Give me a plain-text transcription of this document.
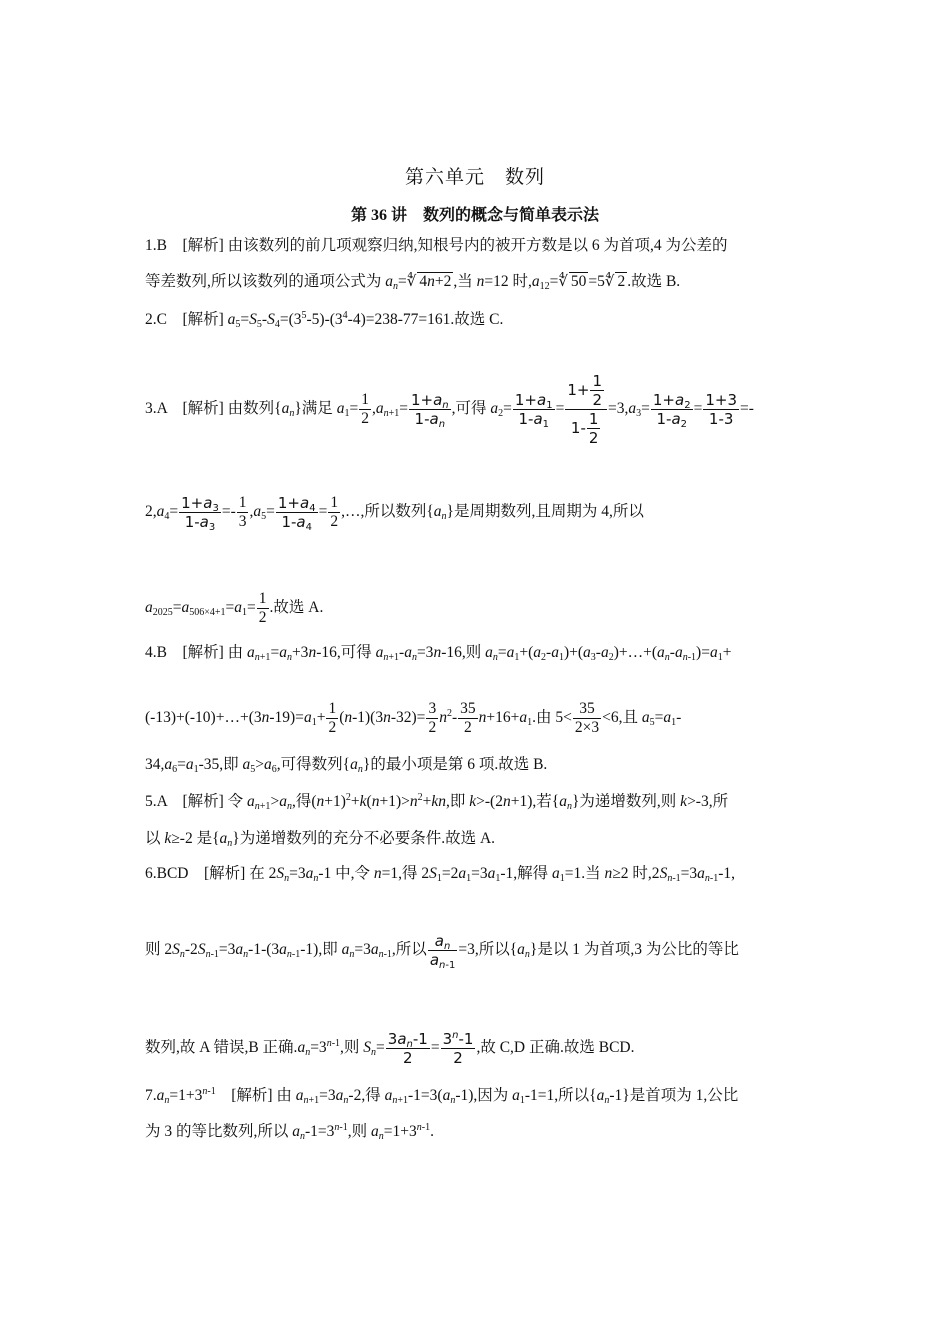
第六单元　数列
第 36 讲　数列的概念与简单表示法
1.B　[解析] 由该数列的前几项观察归纳,知根号内的被开方数是以 6 为首项,4 为公差的
等差数列,所以该数列的通项公式为 $a_n=∜$ 4n+2 ,当 n=12 时$,a_{12}=∜$ 50 =5∜ 2 .故选 B.
2.C　[解析] $a_5=S_5-S_4=(3^5-5)-(3^4-4)=238-77=161$.故选 C.
3.A　[解析] 由数列$\{a_n\}$满足 $a_1= \frac{1}{2} ,a_{n+1}= \frac{1+a_n}{1-a_n}$ ,可得 $a_2= \frac{1+a_1}{1-a_1} = \frac{1+ \frac{1}{2}}{1- \frac{1}{2}} =3,a_3= \frac{1+a_2}{1-a_2} = \frac{1+3}{1-3}$ =-
$2,a_4= \frac{1+a_3}{1-a_3} =- \frac{1}{3} ,a_5= \frac{1+a_4}{1-a_4} = \frac{1}{2}$ ,…,所以数列$\{a_n\}$是周期数列,且周期为 4,所以
$a_{2025}=a_{506\times 4+1}=a_1= \frac{1}{2}$ .故选 A.
4.B　[解析] 由 $a_{n+1}=a_n+3n-16$,可得 $a_{n+1}-a_n=3n-16$,则 $a_n=a_1+(a_2-a_1)+(a_3-a_2)+\dots+(a_n-a_{n-1})=a_1+$
$(-13)+(-10)+\dots+(3n-19)=a_1+ \frac{1}{2} (n-1)(3n-32)= \frac{3}{2} n^2- \frac{35}{2} n+16+a_1$.由 $5< \frac{35}{2\times 3} <6$,且 $a_5=a_1-$
$34,a_6=a_1-35$,即 $a_5>a_6$,可得数列$\{a_n\}$的最小项是第 6 项.故选 B.
5.A　[解析] 令 $a_{n+1}>a_n$,得$(n+1)^2+k(n+1)>n^2+kn$,即 k>-(2n+1),若$\{a_n\}$为递增数列,则 k>-3,所
以 k≥-2 是$\{a_n\}$为递增数列的充分不必要条件.故选 A.
6.BCD　[解析] 在 $2S_n=3a_n-1$ 中,令 n=1,得 $2S_1=2a_1=3a_1-1$,解得 $a_1=1$.当 n≥2 时$,2S_{n-1}=3a_{n-1}-1$,
则 $2S_n-2S_{n-1}=3a_n-1-(3a_{n-1}-1)$,即 $a_n=3a_{n-1}$,所以 $\frac{a_n}{a_{n-1}} =3$,所以$\{a_n\}$是以 1 为首项,3 为公比的等比
数列,故 A 错误,B 正确$.a_n=3^{n-1}$,则 $S_n= \frac{3a_n-1}{2} = \frac{3^n-1}{2}$ ,故 C,D 正确.故选 BCD.
$7.a_n=1+3^{n-1}$　[解析] 由 $a_{n+1}=3a_n-2$,得 $a_{n+1}-1=3(a_n-1)$,因为 $a_1-1=1$,所以$\{a_n-1\}$是首项为 1,公比
为 3 的等比数列,所以 $a_n-1=3^{n-1}$,则 $a_n=1+3^{n-1}$.
